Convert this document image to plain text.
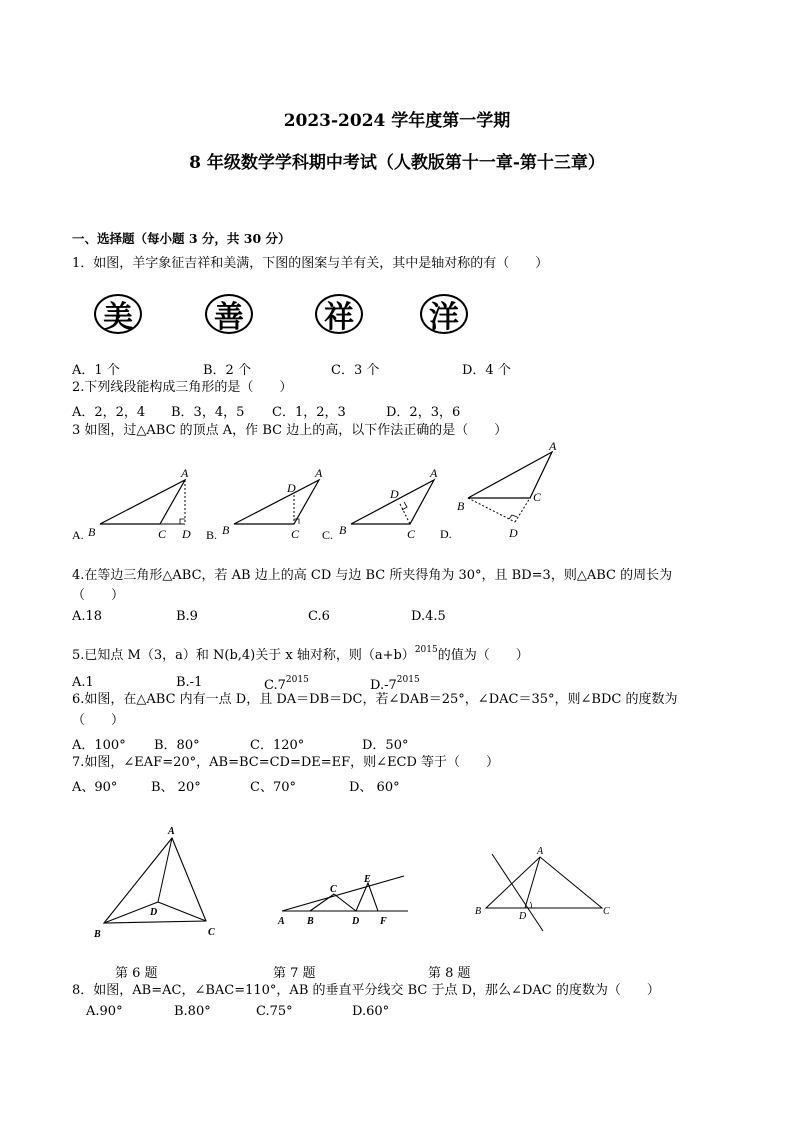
2023-2024 学年度第一学期
8 年级数学学科期中考试（人教版第十一章-第十三章）
一、选择题（每小题 3 分，共 30 分）
1．如图，羊字象征吉祥和美满，下图的图案与羊有关，其中是轴对称的有（　　）
美	善	祥	洋
A．1 个	B．2 个	C．3 个	D．4 个
2.下列线段能构成三角形的是（　　）
A．2，2，4 B．3，4，5 C．1，2，3	D．2，3，6
3 如图，过△ABC 的顶点 A，作 BC 边上的高，以下作法正确的是（　　）
B	C
A
D
A.	B	C
A
D
B.	B	C
A
D
C.
B
C
A
D
D.
4.在等边三角形△ABC，若 AB 边上的高 CD 与边 BC 所夹得角为 30°，且 BD=3，则△ABC 的周长为
（　　）
A.18	B.9	C.6	D.4.5
5.已知点 M（3，a）和 N(b,4)关于 x 轴对称，则$(a+b)^{2015}$的值为（　　）
A.1	B.-1	$C.7^{2015}$	$D.-7^{2015}$
6.如图，在△ABC 内有一点 D，且 DA＝DB＝DC，若∠DAB＝25°，∠DAC＝35°，则∠BDC 的度数为
（　　）
A．100° B．80°	C．120°	D．50°
7.如图，∠EAF=20°，AB=BC=CD=DE=EF，则∠ECD 等于（　　）
A、90°	B、 20°	C、70°	D、 60°
A
B	C
D
A B
C
D
E
F
A
B	C
D
第 6 题	第 7 题	第 8 题
8．如图，AB=AC，∠BAC=110°，AB 的垂直平分线交 BC 于点 D，那么∠DAC 的度数为（　　）
A.90°	B.80°	C.75°	D.60°
